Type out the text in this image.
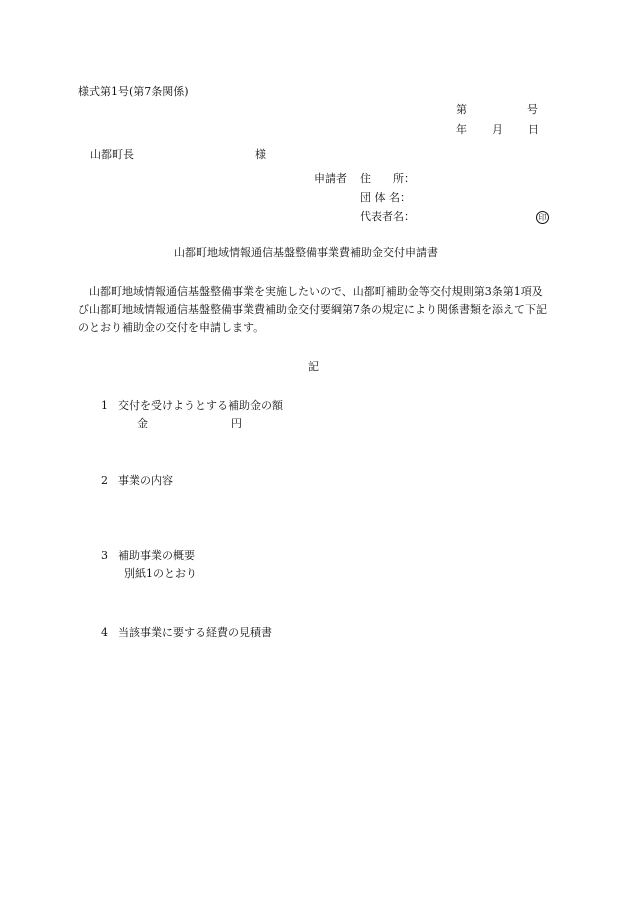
様式第1号(第7条関係)
第	号
年 月 日
山都町長	様
申請者 住　　所：
団 体 名：
代表者名：	印
山都町地域情報通信基盤整備事業費補助金交付申請書
山都町地域情報通信基盤整備事業を実施したいので、山都町補助金等交付規則第3条第1項及び山都町地域情報通信基盤整備事業費補助金交付要綱第7条の規定により関係書類を添えて下記のとおり補助金の交付を申請します。
記
1 交付を受けようとする補助金の額
金	円
2 事業の内容
3 補助事業の概要
別紙1のとおり
4 当該事業に要する経費の見積書
